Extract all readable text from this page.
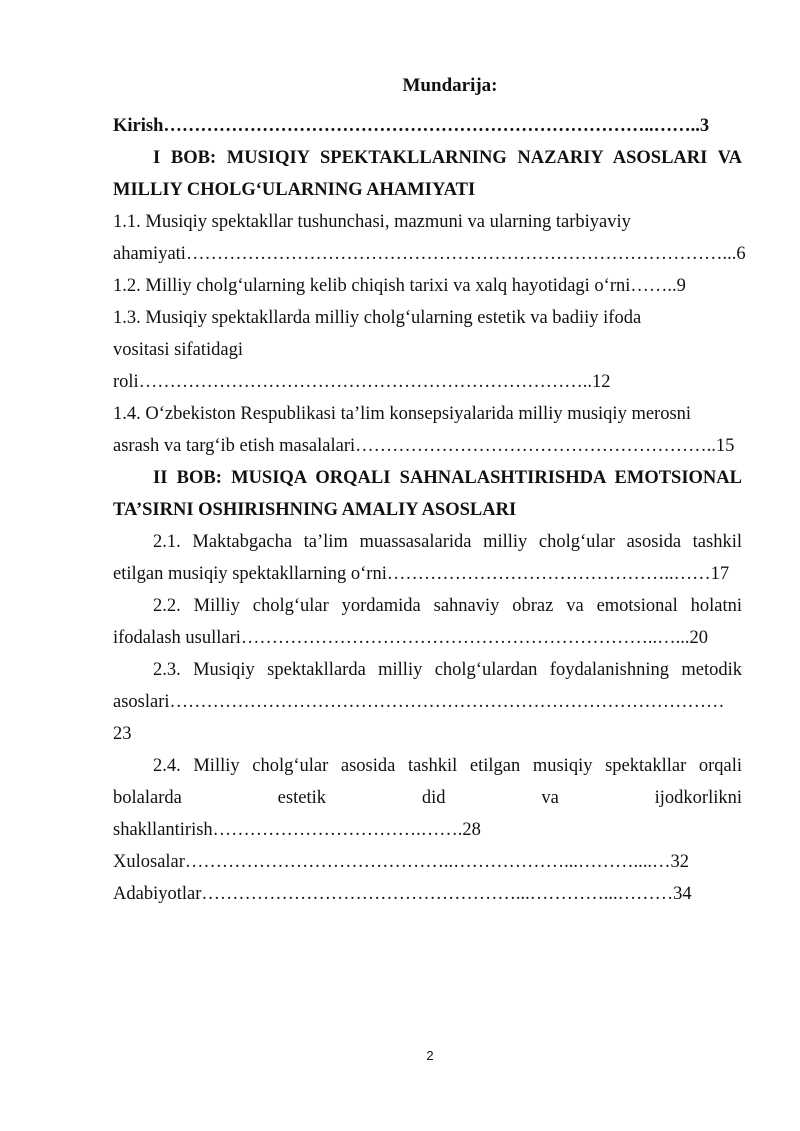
Mundarija:

Kirish……………………………………………………………………..……..3

I BOB: MUSIQIY SPEKTAKLLARNING NAZARIY ASOSLARI VA

MILLIY CHOLG‘ULARNING AHAMIYATI

1.1. Musiqiy spektakllar tushunchasi, mazmuni va ularning tarbiyaviy

ahamiyati……………………………………………………………………………...6

1.2. Milliy cholg‘ularning kelib chiqish tarixi va xalq hayotidagi o‘rni……..9

1.3. Musiqiy spektakllarda milliy cholg‘ularning estetik va badiiy ifoda

vositasi sifatidagi roli………………………………………………………………..12

1.4. O‘zbekiston Respublikasi ta’lim konsepsiyalarida milliy musiqiy merosni

asrash va targ‘ib etish masalalari…………………………………………………..15

II BOB: MUSIQA ORQALI SAHNALASHTIRISHDA EMOTSIONAL

TA’SIRNI OSHIRISHNING AMALIY ASOSLARI

2.1. Maktabgacha ta’lim muassasalarida milliy cholg‘ular asosida tashkil

etilgan musiqiy spektakllarning o‘rni………………………………………..……17

2.2. Milliy cholg‘ular yordamida sahnaviy obraz va emotsional holatni

ifodalash usullari…………………………………………………………..…...20

2.3. Musiqiy spektakllarda milliy cholg‘ulardan foydalanishning metodik

asoslari………………………………………………………………………………23

2.4. Milliy cholg‘ular asosida tashkil etilgan musiqiy spektakllar orqali

bolalarda estetik did va ijodkorlikni

shakllantirish…………………………….…….28

Xulosalar……………………………………..………………...………....…32

Adabiyotlar……………………………………………...…………...………34

2
